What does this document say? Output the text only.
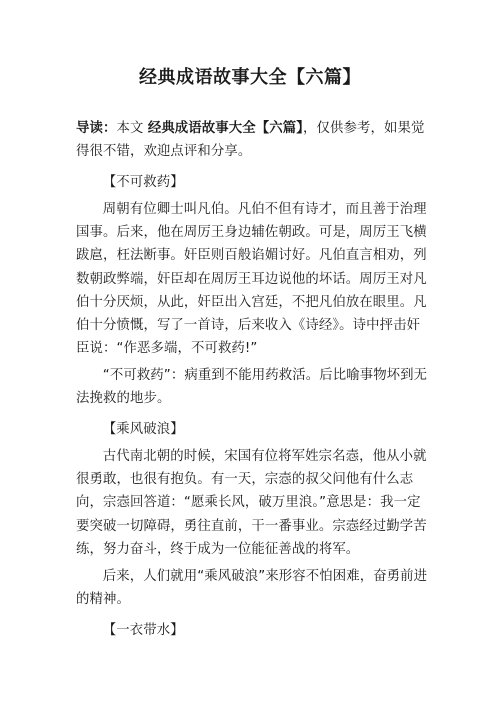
经典成语故事大全【六篇】

导读：本文 经典成语故事大全【六篇】，仅供参考，如果觉得很不错，欢迎点评和分享。

【不可救药】

周朝有位卿士叫凡伯。凡伯不但有诗才，而且善于治理国事。后来，他在周厉王身边辅佐朝政。可是，周厉王飞横跋扈，枉法断事。奸臣则百般谄媚讨好。凡伯直言相劝，列数朝政弊端，奸臣却在周厉王耳边说他的坏话。周厉王对凡伯十分厌烦，从此，奸臣出入宫廷，不把凡伯放在眼里。凡伯十分愤慨，写了一首诗，后来收入《诗经》。诗中抨击奸臣说：“作恶多端，不可救药!”

“不可救药”：病重到不能用药救活。后比喻事物坏到无法挽救的地步。

【乘风破浪】

古代南北朝的时候，宋国有位将军姓宗名悫，他从小就很勇敢，也很有抱负。有一天，宗悫的叔父问他有什么志向，宗悫回答道：“愿乘长风，破万里浪。”意思是：我一定要突破一切障碍，勇往直前，干一番事业。宗悫经过勤学苦练，努力奋斗，终于成为一位能征善战的将军。

后来，人们就用“乘风破浪”来形容不怕困难，奋勇前进的精神。

【一衣带水】
